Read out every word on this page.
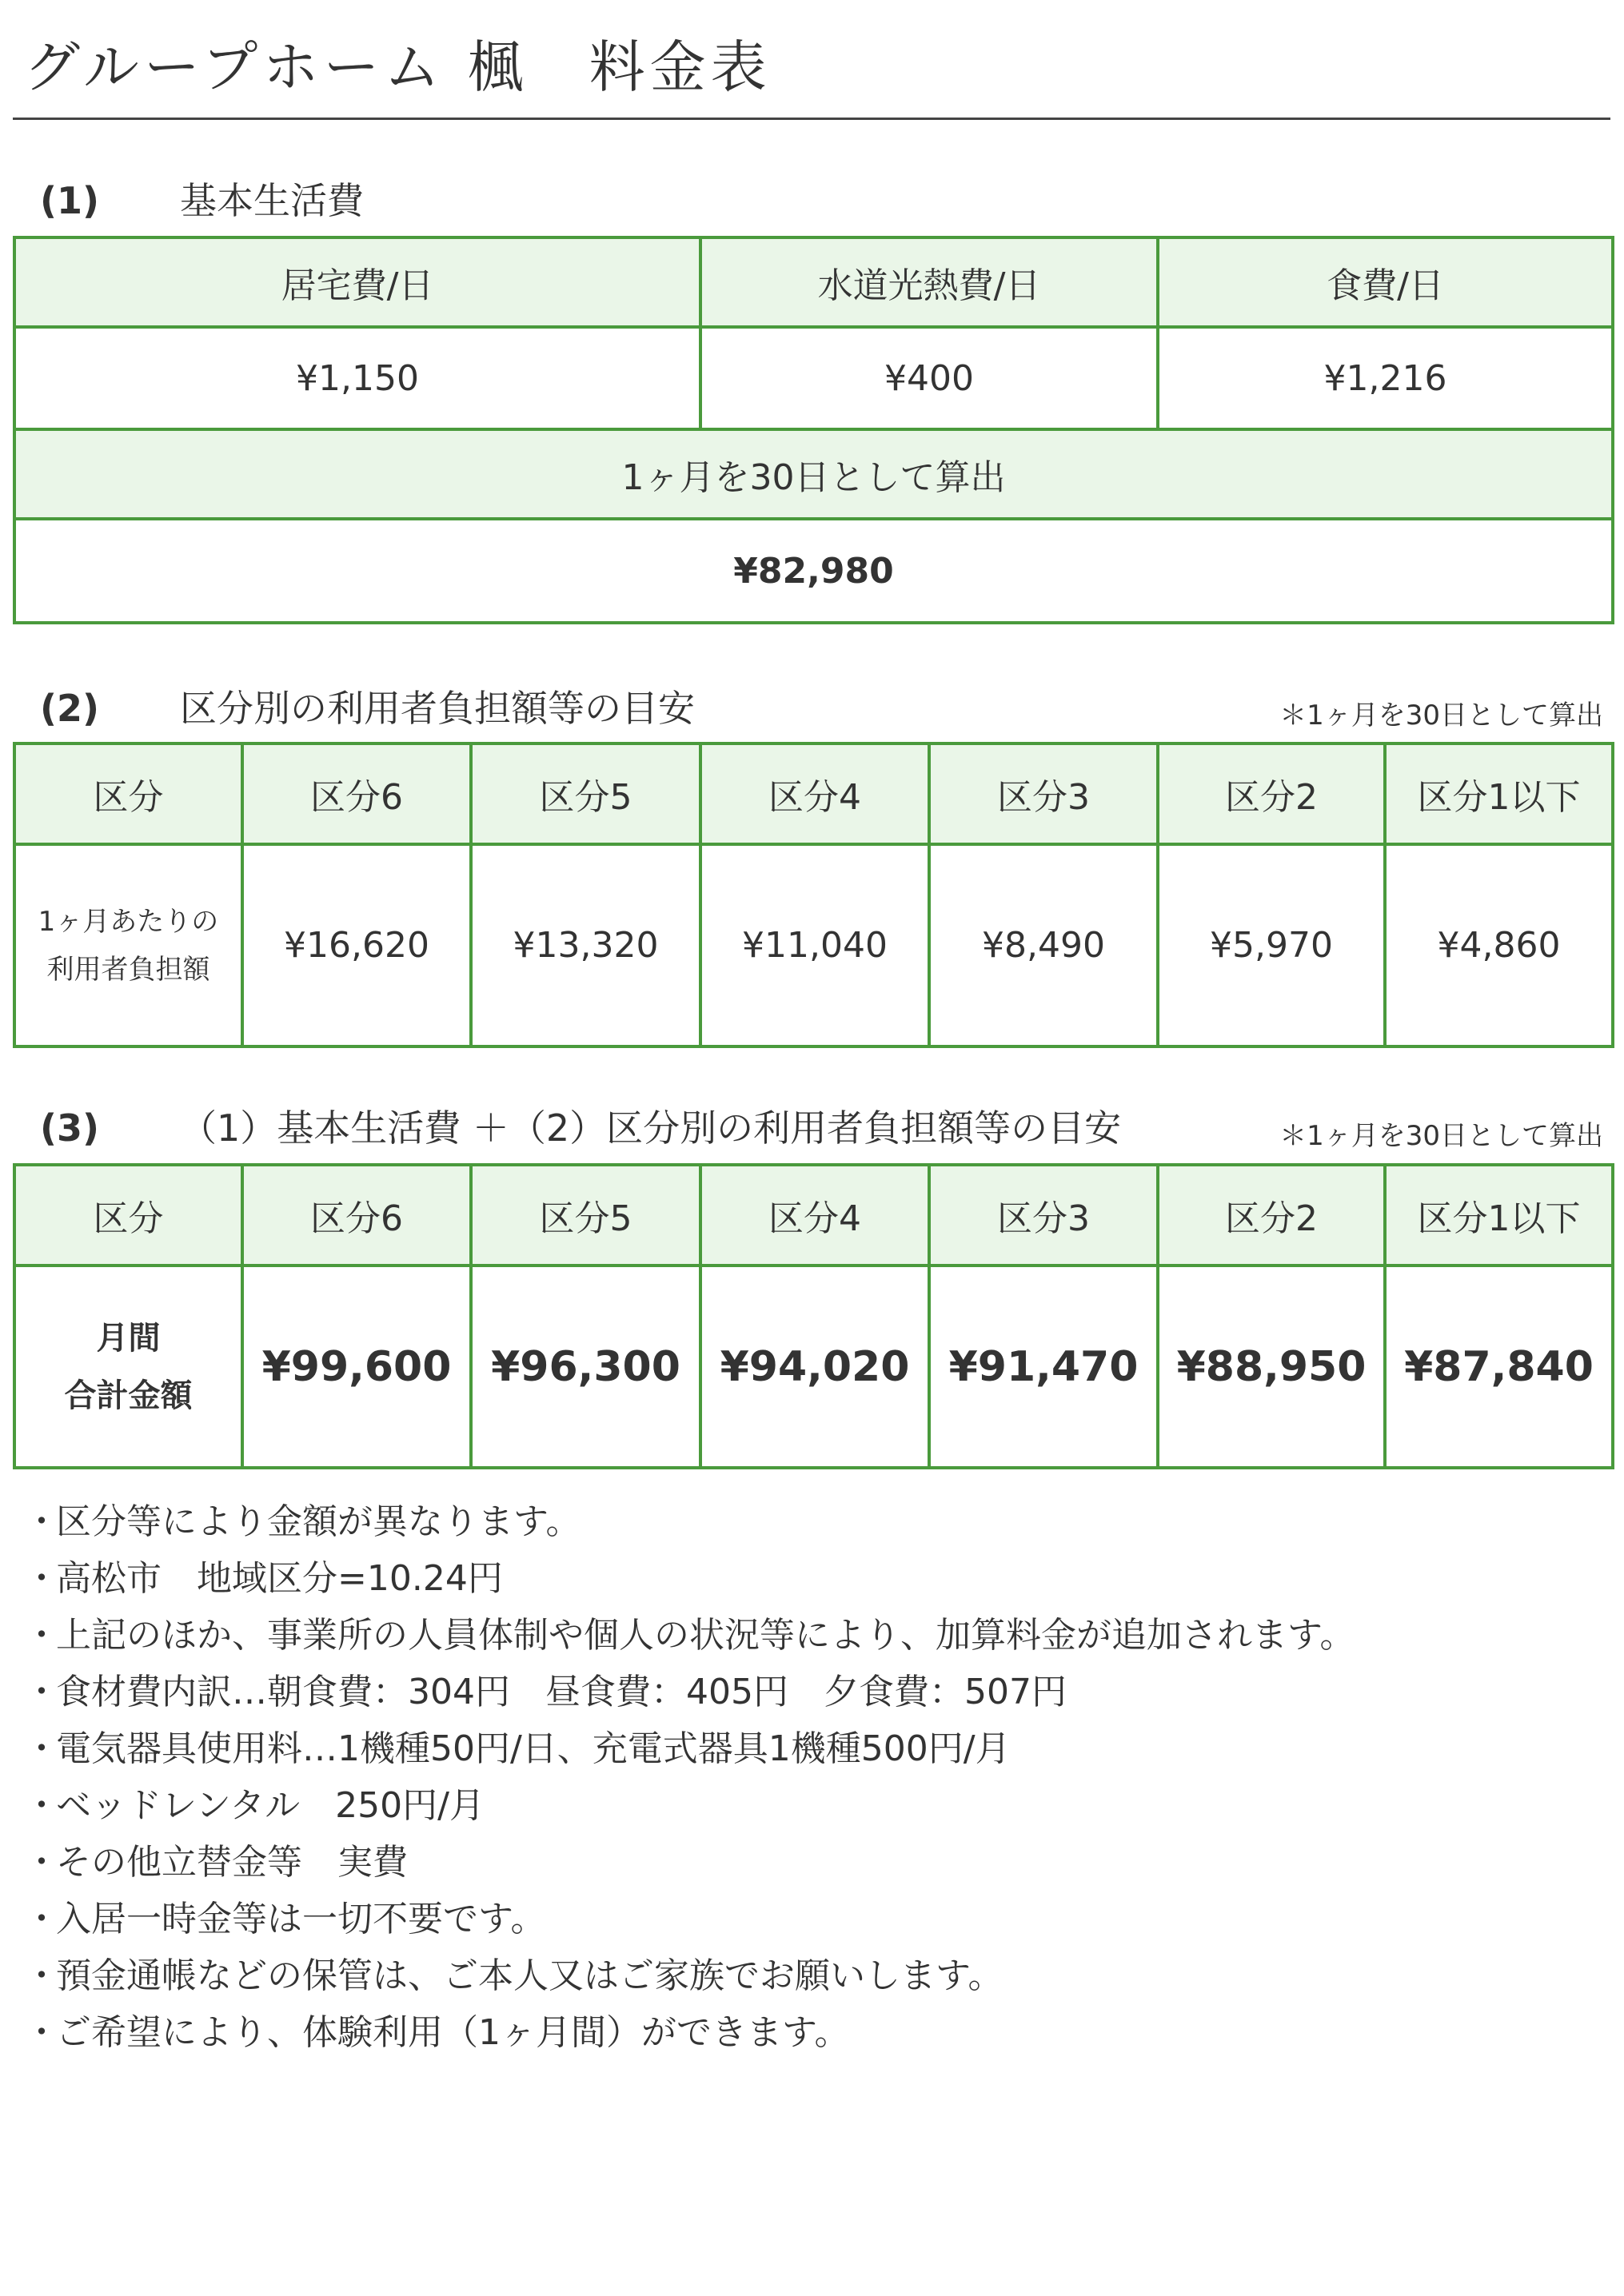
グループホーム 楓　料金表
(1)	基本生活費
居宅費/日	水道光熱費/日	食費/日
¥1,150	¥400	¥1,216
1ヶ月を30日として算出		
¥82,980		
(2)	区分別の利用者負担額等の目安	＊1ヶ月を30日として算出
区分	区分6	区分5	区分4	区分3	区分2	区分1以下

1ヶ月あたりの
利用者負担額	¥16,620	¥13,320	¥11,040	¥8,490	¥5,970	¥4,860
(3)	（1）基本生活費 ＋（2）区分別の利用者負担額等の目安	＊1ヶ月を30日として算出
区分	区分6	区分5	区分4	区分3	区分2	区分1以下

月間
合計金額	¥99,600	¥96,300	¥94,020	¥91,470	¥88,950	¥87,840
・区分等により金額が異なります。
・高松市　地域区分=10.24円
・上記のほか、事業所の人員体制や個人の状況等により、加算料金が追加されます。
・食材費内訳…朝食費：304円　昼食費：405円　夕食費：507円
・電気器具使用料…1機種50円/日、充電式器具1機種500円/月
・ベッドレンタル　250円/月
・その他立替金等　実費
・入居一時金等は一切不要です。
・預金通帳などの保管は、ご本人又はご家族でお願いします。
・ご希望により、体験利用（1ヶ月間）ができます。
